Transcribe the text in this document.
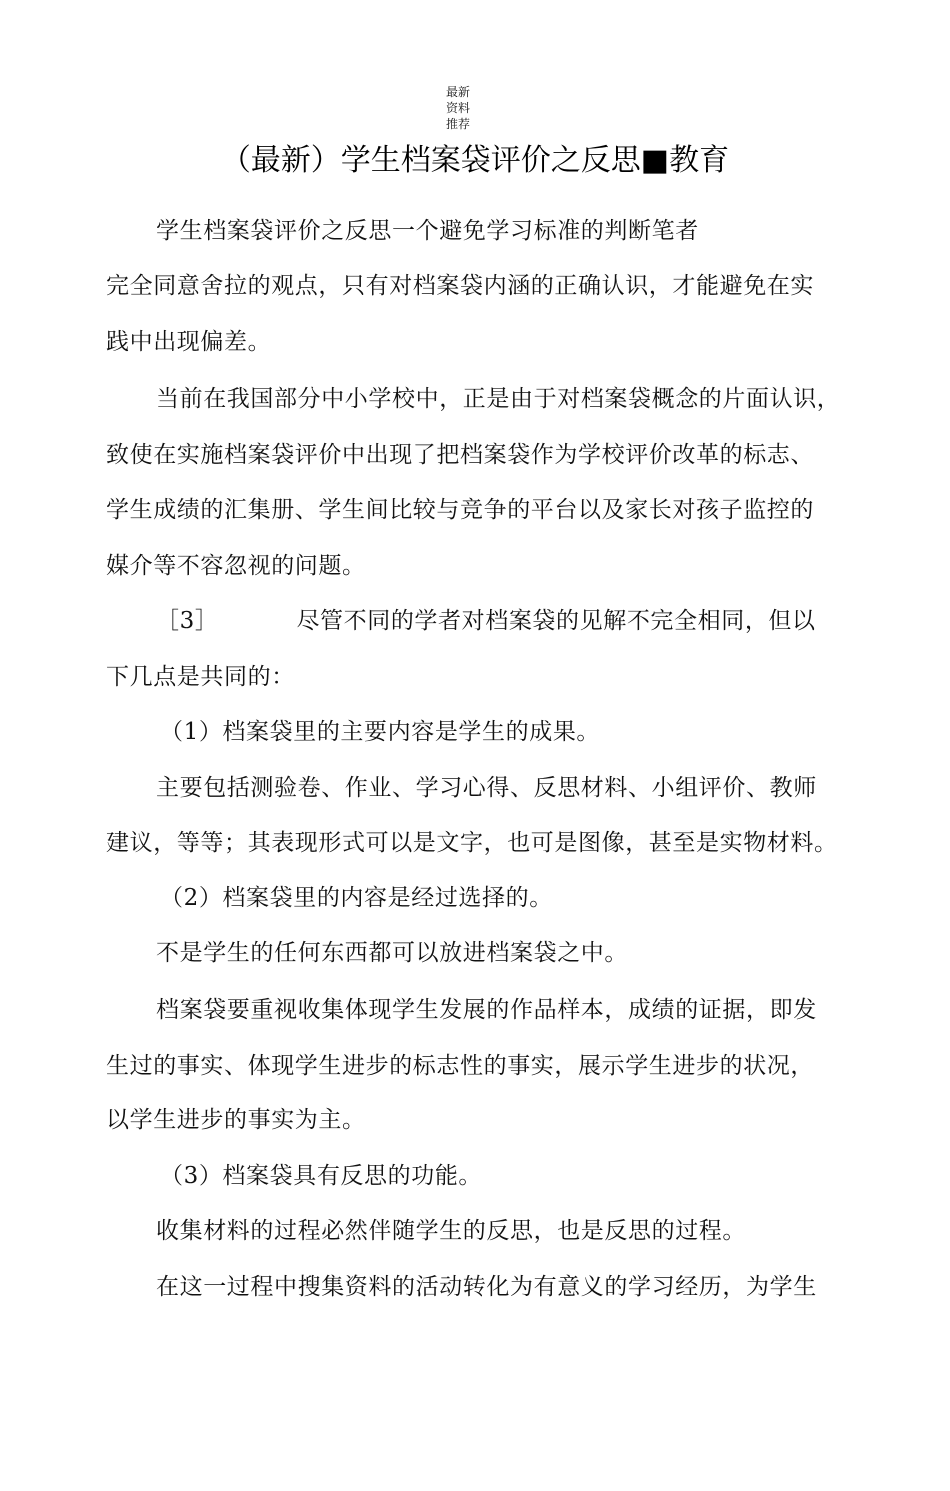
最新
资料
推荐
（最新）学生档案袋评价之反思■教育
学生档案袋评价之反思一个避免学习标准的判断笔者
完全同意舍拉的观点，只有对档案袋内涵的正确认识，才能避免在实
践中出现偏差。
当前在我国部分中小学校中，正是由于对档案袋概念的片面认识，
致使在实施档案袋评价中出现了把档案袋作为学校评价改革的标志、
学生成绩的汇集册、学生间比较与竞争的平台以及家长对孩子监控的
媒介等不容忽视的问题。
［3］	尽管不同的学者对档案袋的见解不完全相同，但以
下几点是共同的：
（1）档案袋里的主要内容是学生的成果。
主要包括测验卷、作业、学习心得、反思材料、小组评价、教师
建议，等等；其表现形式可以是文字，也可是图像，甚至是实物材料。
（2）档案袋里的内容是经过选择的。
不是学生的任何东西都可以放进档案袋之中。
档案袋要重视收集体现学生发展的作品样本，成绩的证据，即发
生过的事实、体现学生进步的标志性的事实，展示学生进步的状况，
以学生进步的事实为主。
（3）档案袋具有反思的功能。
收集材料的过程必然伴随学生的反思，也是反思的过程。
在这一过程中搜集资料的活动转化为有意义的学习经历，为学生
